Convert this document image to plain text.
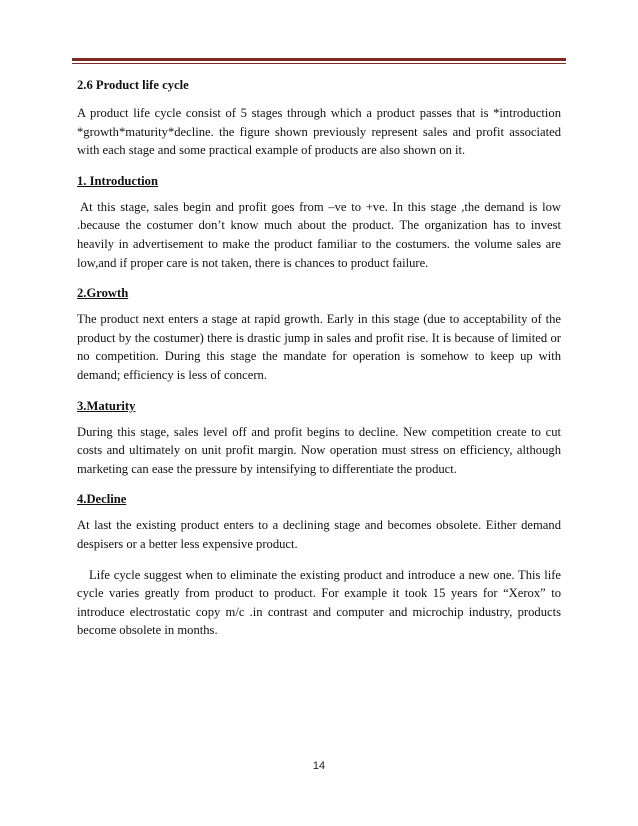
2.6 Product life cycle

A product life cycle consist of 5 stages through which a product passes that is *introduction *growth*maturity*decline. the figure shown previously represent sales and profit associated with each stage and some practical example of products are also shown on it.

1. Introduction

At this stage, sales begin and profit goes from –ve to +ve. In this stage ,the demand is low .because the costumer don’t know much about the product. The organization has to invest heavily in advertisement to make the product familiar to the costumers. the volume sales are low,and if proper care is not taken, there is chances to product failure.

2.Growth

The product next enters a stage at rapid growth. Early in this stage (due to acceptability of the product by the costumer) there is drastic jump in sales and profit rise. It is because of limited or no competition. During this stage the mandate for operation is somehow to keep up with demand; efficiency is less of concern.

3.Maturity

During this stage, sales level off and profit begins to decline. New competition create to cut costs and ultimately on unit profit margin. Now operation must stress on efficiency, although marketing can ease the pressure by intensifying to differentiate the product.

4.Decline

At last the existing product enters to a declining stage and becomes obsolete. Either demand despisers or a better less expensive product.

Life cycle suggest when to eliminate the existing product and introduce a new one. This life cycle varies greatly from product to product. For example it took 15 years for “Xerox” to introduce electrostatic copy m/c .in contrast and computer and microchip industry, products become obsolete in months.

14
